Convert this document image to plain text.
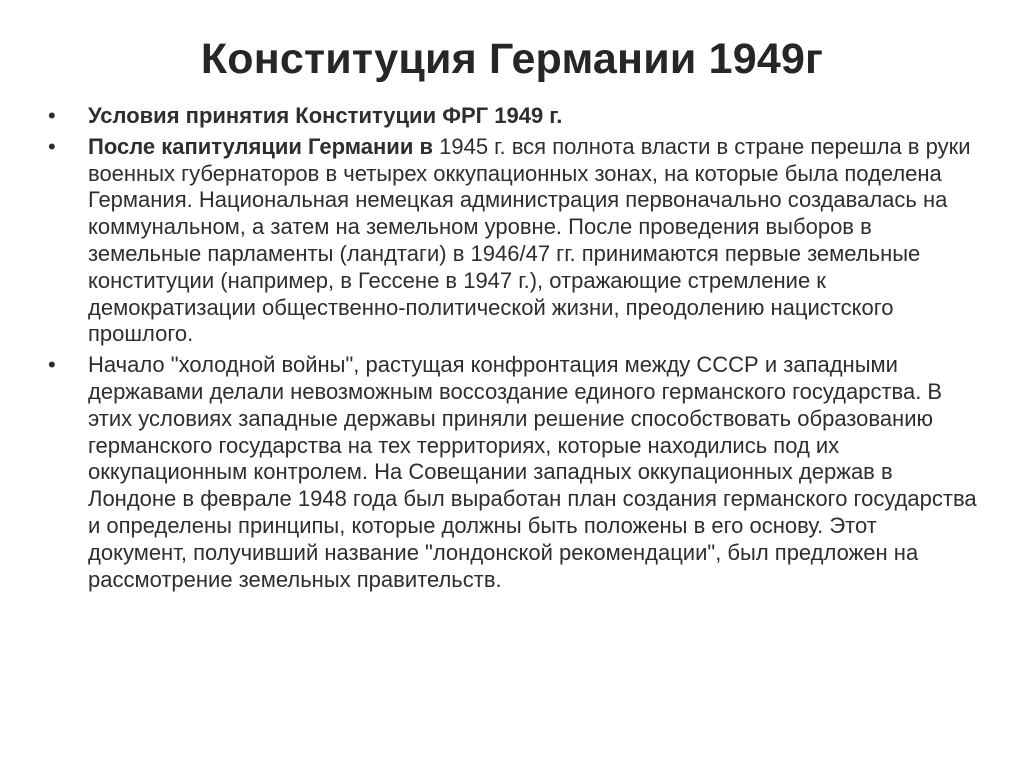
Конституция Германии 1949г
• Условия принятия Конституции ФРГ 1949 г.
• После капитуляции Германии в 1945 г. вся полнота власти в стране перешла в руки военных губернаторов в четырех оккупационных зонах, на которые была поделена Германия. Национальная немецкая администрация первоначально создавалась на коммунальном, а затем на земельном уровне. После проведения выборов в земельные парламенты (ландтаги) в 1946/47 гг. принимаются первые земельные конституции (например, в Гессене в 1947 г.), отражающие стремление к демократизации общественно-политической жизни, преодолению нацистского прошлого.
• Начало "холодной войны", растущая конфронтация между СССР и западными державами делали невозможным воссоздание единого германского государства. В этих условиях западные державы приняли решение способствовать образованию германского государства на тех территориях, которые находились под их оккупационным контролем. На Совещании западных оккупационных держав в Лондоне в феврале 1948 года был выработан план создания германского государства и определены принципы, которые должны быть положены в его основу. Этот документ, получивший название "лондонской рекомендации", был предложен на рассмотрение земельных правительств.
